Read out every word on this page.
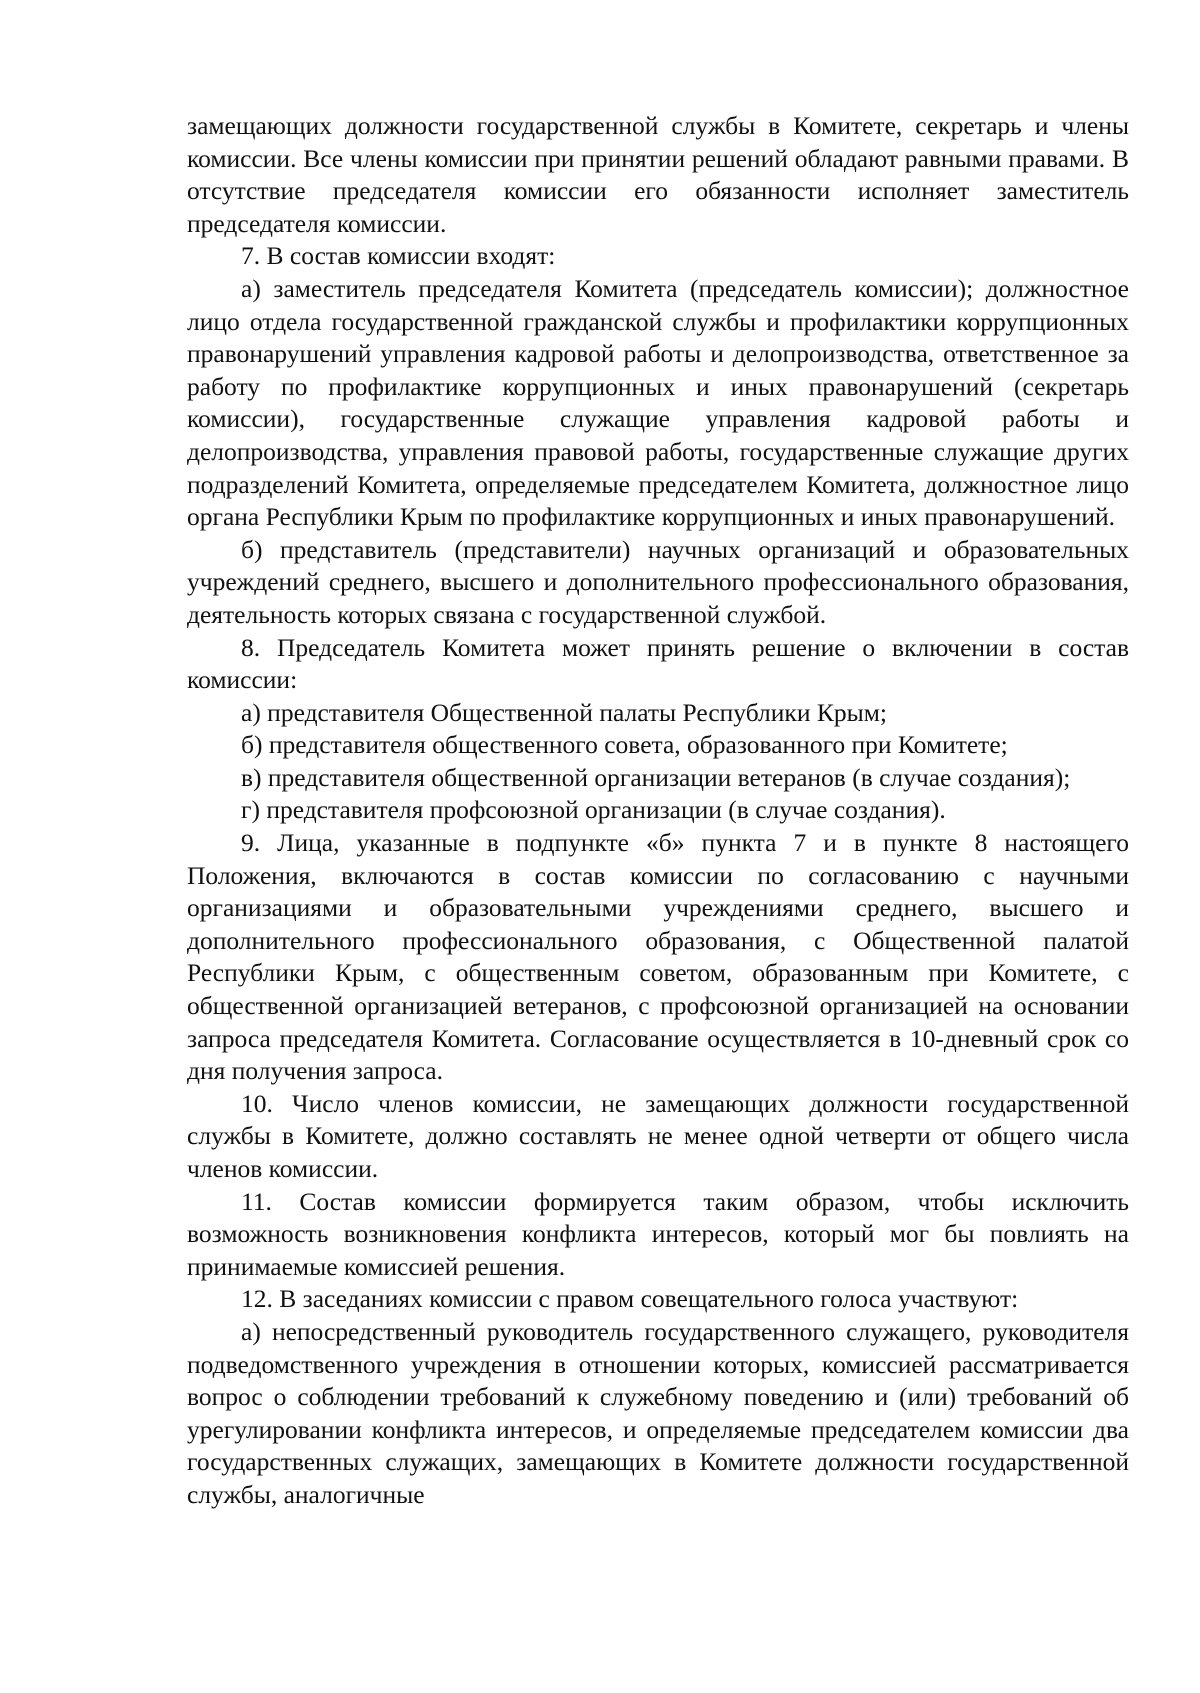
замещающих должности государственной службы в Комитете, секретарь и члены комиссии. Все члены комиссии при принятии решений обладают равными правами. В отсутствие председателя комиссии его обязанности исполняет заместитель председателя комиссии.

7. В состав комиссии входят:

а) заместитель председателя Комитета (председатель комиссии); должностное лицо отдела государственной гражданской службы и профилактики коррупционных правонарушений управления кадровой работы и делопроизводства, ответственное за работу по профилактике коррупционных и иных правонарушений (секретарь комиссии), государственные служащие управления кадровой работы и делопроизводства, управления правовой работы, государственные служащие других подразделений Комитета, определяемые председателем Комитета, должностное лицо органа Республики Крым по профилактике коррупционных и иных правонарушений.

б) представитель (представители) научных организаций и образовательных учреждений среднего, высшего и дополнительного профессионального образования, деятельность которых связана с государственной службой.

8. Председатель Комитета может принять решение о включении в состав комиссии:

а) представителя Общественной палаты Республики Крым;

б) представителя общественного совета, образованного при Комитете;

в) представителя общественной организации ветеранов (в случае создания);

г) представителя профсоюзной организации (в случае создания).

9. Лица, указанные в подпункте «б» пункта 7 и в пункте 8 настоящего Положения, включаются в состав комиссии по согласованию с научными организациями и образовательными учреждениями среднего, высшего и дополнительного профессионального образования, с Общественной палатой Республики Крым, с общественным советом, образованным при Комитете, с общественной организацией ветеранов, с профсоюзной организацией на основании запроса председателя Комитета. Согласование осуществляется в 10-дневный срок со дня получения запроса.

10. Число членов комиссии, не замещающих должности государственной службы в Комитете, должно составлять не менее одной четверти от общего числа членов комиссии.

11. Состав комиссии формируется таким образом, чтобы исключить возможность возникновения конфликта интересов, который мог бы повлиять на принимаемые комиссией решения.

12. В заседаниях комиссии с правом совещательного голоса участвуют:

а) непосредственный руководитель государственного служащего, руководителя подведомственного учреждения в отношении которых, комиссией рассматривается вопрос о соблюдении требований к служебному поведению и (или) требований об урегулировании конфликта интересов, и определяемые председателем комиссии два государственных служащих, замещающих в Комитете должности государственной службы, аналогичные
